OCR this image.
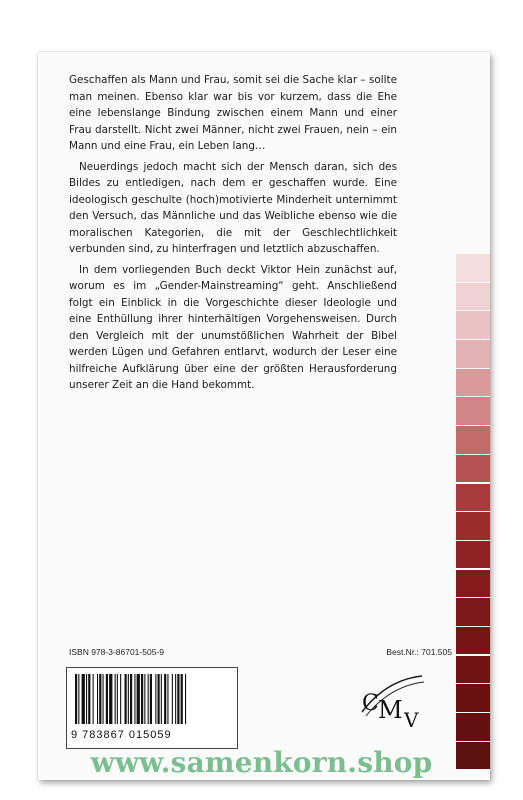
Geschaffen als Mann und Frau, somit sei die Sache klar – sollte man meinen. Ebenso klar war bis vor kurzem, dass die Ehe eine lebenslange Bindung zwischen einem Mann und einer Frau darstellt. Nicht zwei Männer, nicht zwei Frauen, nein – ein Mann und eine Frau, ein Leben lang…

Neuerdings jedoch macht sich der Mensch daran, sich des Bildes zu entledigen, nach dem er geschaffen wurde. Eine ideologisch geschulte (hoch)motivierte Minderheit unternimmt den Versuch, das Männliche und das Weibliche ebenso wie die moralischen Kategorien, die mit der Geschlechtlichkeit verbunden sind, zu hinterfragen und letztlich abzuschaffen.

In dem vorliegenden Buch deckt Viktor Hein zunächst auf, worum es im „Gender-Mainstreaming“ geht. Anschließend folgt ein Einblick in die Vorgeschichte dieser Ideologie und eine Enthüllung ihrer hinterhältigen Vorgehensweisen. Durch den Vergleich mit der unumstößlichen Wahrheit der Bibel werden Lügen und Gefahren entlarvt, wodurch der Leser eine hilfreiche Aufklärung über eine der größten Herausforderung unserer Zeit an die Hand bekommt.

ISBN 978-3-86701-505-9	Best.Nr.: 701.505
9 783867 015059
C M V
www.samenkorn.shop
